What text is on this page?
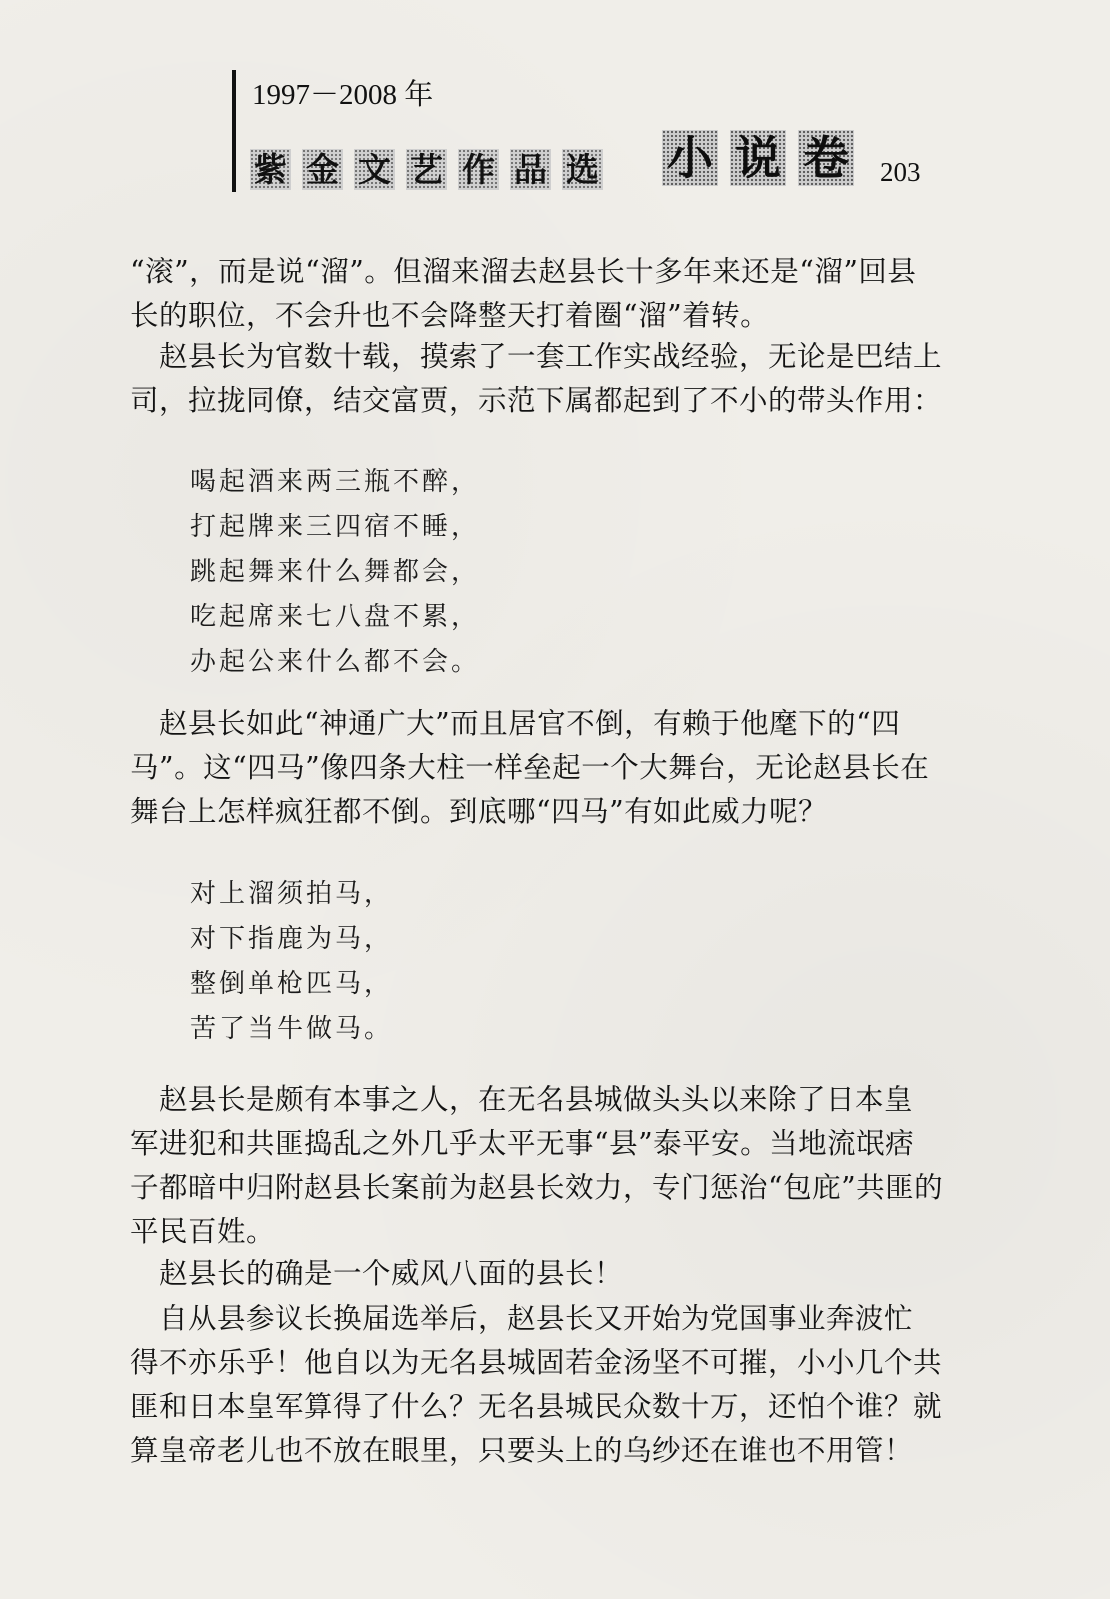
1997－2008 年
紫 金 文 艺 作 品 选 小 说 卷 203
“滚”，而是说“溜”。但溜来溜去赵县长十多年来还是“溜”回县
长的职位，不会升也不会降整天打着圈“溜”着转。
　赵县长为官数十载，摸索了一套工作实战经验，无论是巴结上
司，拉拢同僚，结交富贾，示范下属都起到了不小的带头作用：
喝起酒来两三瓶不醉，
打起牌来三四宿不睡，
跳起舞来什么舞都会，
吃起席来七八盘不累，
办起公来什么都不会。
　赵县长如此“神通广大”而且居官不倒，有赖于他麾下的“四
马”。这“四马”像四条大柱一样垒起一个大舞台，无论赵县长在
舞台上怎样疯狂都不倒。到底哪“四马”有如此威力呢？
对上溜须拍马，
对下指鹿为马，
整倒单枪匹马，
苦了当牛做马。
　赵县长是颇有本事之人，在无名县城做头头以来除了日本皇
军进犯和共匪捣乱之外几乎太平无事“县”泰平安。当地流氓痞
子都暗中归附赵县长案前为赵县长效力，专门惩治“包庇”共匪的
平民百姓。
　赵县长的确是一个威风八面的县长！
　自从县参议长换届选举后，赵县长又开始为党国事业奔波忙
得不亦乐乎！他自以为无名县城固若金汤坚不可摧，小小几个共
匪和日本皇军算得了什么？无名县城民众数十万，还怕个谁？就
算皇帝老儿也不放在眼里，只要头上的乌纱还在谁也不用管！
